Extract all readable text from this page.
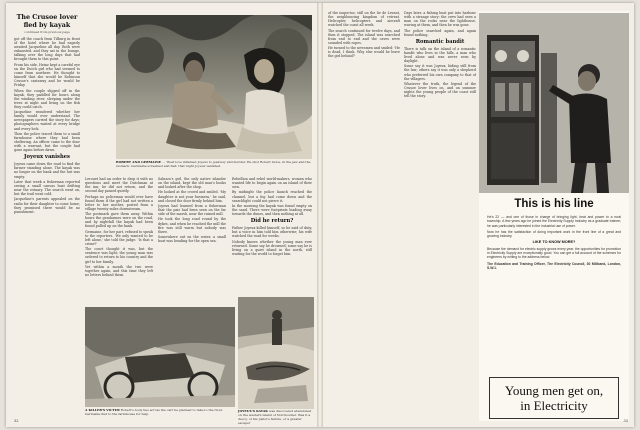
The Crusoe lover
fled by kayak
continued from previous page

got off the coach from Tilburg in front of the hotel where he had eagerly awaited Jacqueline all day. Both were exhausted, and they sat in the lounge, talking over the long days that had brought them to this point.

From his side, Heinz kept a careful eye on the Dutch girl who had seemed to come from nowhere. He thought to himself that she would be Robinson Crusoe's castaway and he would be Friday.

When the couple slipped off in the kayak, they paddled for hours along the winding river, sleeping under the trees at night and living on the fish they could catch.

Jacqueline wondered whether her family would ever understand. The newspapers carried the story for days; photographers waited at every bridge and every lock.

Then the police traced them to a small farmhouse where they had been sheltering. An officer came to the door with a warrant, but the couple had gone again before dawn.

Joyeux vanishes

Joyeux came down the road to find the farmer standing alone. The kayak was no longer on the bank and the hut was empty.

Later that week a fisherman reported seeing a small canvas boat drifting near the estuary. The search went on, but the trail went cold.

Jacqueline's parents appealed on the radio for their daughter to come home; they promised there would be no punishment.

ROBERT AND GERMAINE ... Their love inflamed Joyeux to jealousy and murder. He shot Robert twice, in the jaw and the stomach. Germaine screamed and fled; that night Joyeux vanished.

Lerouet had an order to drop it with no questions and meet the Dutchman at the inn; he did not return, and the second day passed quietly.

Perhaps no policeman would ever have found them if the girl had not written a letter to her mother, posted from a village twenty miles downstream.

The postmark gave them away. Within hours the gendarmes were on the road, and by nightfall the kayak had been found pulled up on the bank.

Germaine, for her part, refused to speak to the reporters. 'We only wanted to be left alone,' she told the judge. 'Is that a crime?'

The court thought it was, but the sentence was light; the young man was ordered to return to his country and the girl to her family.

Yet within a month the two were together again, and this time they left no letters behind them.

Saluzzo's girl, the only native islander on the island, kept the old man's books and looked after the shop.

He looked at the crowd and smiled. 'My daughter is not your business,' he said, and closed the door firmly behind him.

Joyeux had learned from a fisherman that the pair had been seen on the far side of the marsh, near the ruined mill.

He took the long road round by the dykes, and when he reached the mill the fire was still warm but nobody was there.

Somewhere out on the water, a small boat was heading for the open sea.

Rebellion and rebel world-makers, women who wanted life to begin again on an island of their own.

By midnight the police launch reached the channel, but a fog had come down and the searchlight could not pierce it.

In the morning the kayak was found empty on the sand. There were footprints leading away towards the dunes, and then nothing at all.

Did he return?

Father Joyeux killed himself, so he said of duty, but a voice in him told him otherwise; his wife watched the road for weeks.

Nobody knows whether the young man ever returned. Some say he drowned; some say he is living on a quiet island in the north, still waiting for the world to forget him.

A KILLER'S VICTIM Robert's body lies across the cart he planned to take to the river. Germaine fled to the farmhouse for help.
JOYEUX'S KAYAK was discovered abandoned on the western island of Noirmoutier. Was it a decoy, or his pistol's failure, or a greater escape?
32

of the inspector, still on the lie de Levant, the neighbouring kingdom of retreat. Helicopter, helicopters and aircraft watched the coast all week.

The search continued for twelve days, and then it stopped. The island was searched from end to end and the caves were sounded with ropes.

He turned to the newsmen and smiled: 'He is dead, I think. Why else would he leave the girl behind?'

Days later, a fishing boat put into harbour with a strange story: the crew had seen a man on the rocks near the lighthouse, waving at them, and then he was gone.

The police searched again, and again found nothing.

Romantic bandit

There is talk on the island of a romantic bandit who lives in the hills, a man who lived alone and was never seen by daylight.

Some say it was Joyeux, hiding still from the law; others say it was only a shepherd who preferred his own company to that of the villagers.

Whatever the truth, the legend of the Crusoe lover lives on, and on summer nights the young people of the coast still tell the story.

This is his line

He's 22 — and one of those in charge of bringing light, heat and power to a rural township. A few years ago he joined the Electricity Supply Industry as a graduate trainee; he was particularly interested in the industrial use of power.

Now he has the satisfaction of doing important work in the front line of a great and growing industry.

LIKE TO KNOW MORE?

Because the demand for electric supply grows every year, the opportunities for promotion in Electricity Supply are exceptionally good. You can get a full account of the schemes for engineers by writing to the address below.

The Education and Training Officer, The Electricity Council, 30 Millbank, London, S.W.1.

Young men get on,
in Electricity
33
